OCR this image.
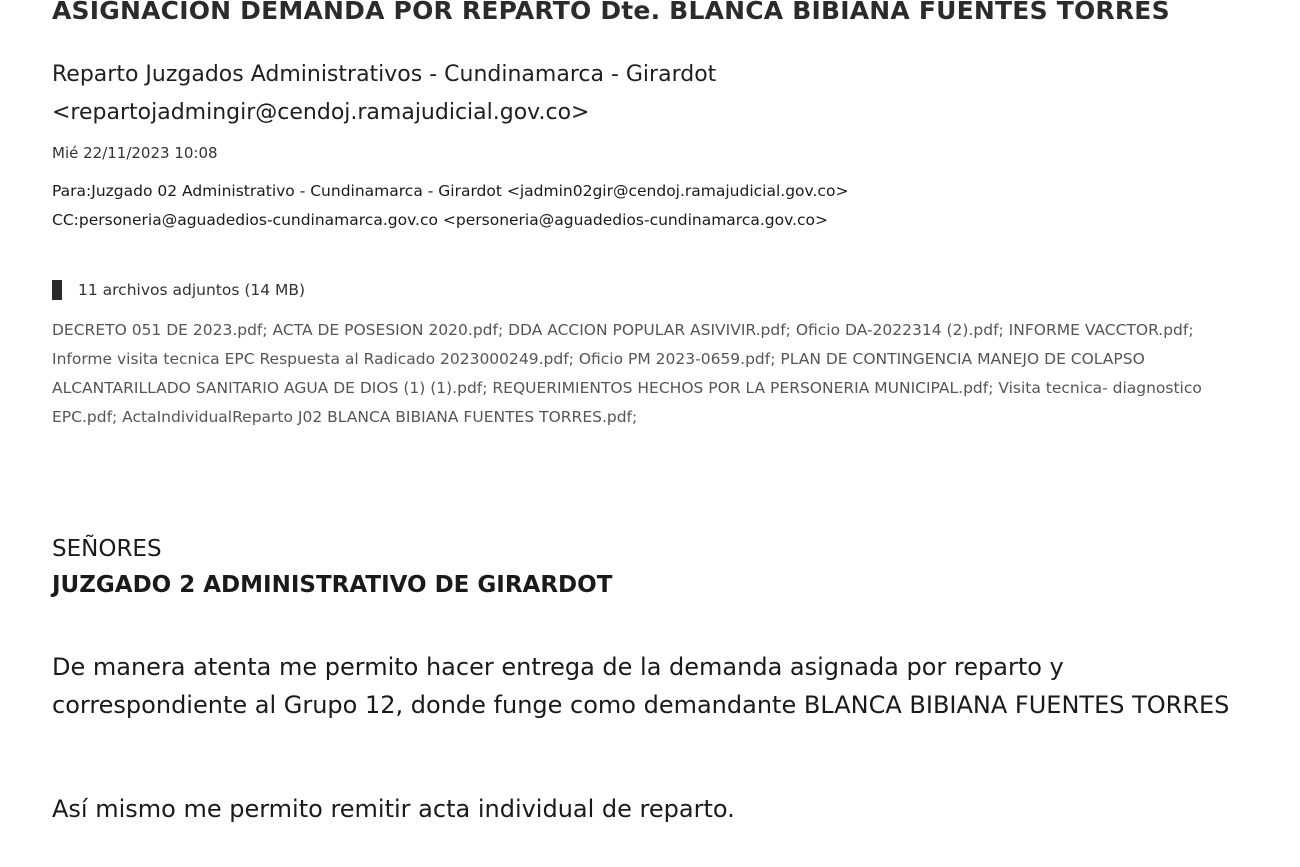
ASIGNACION DEMANDA POR REPARTO Dte. BLANCA BIBIANA FUENTES TORRES
Reparto Juzgados Administrativos - Cundinamarca - Girardot
<repartojadmingir@cendoj.ramajudicial.gov.co>
Mié 22/11/2023 10:08
Para:Juzgado 02 Administrativo - Cundinamarca - Girardot <jadmin02gir@cendoj.ramajudicial.gov.co>
CC:personeria@aguadedios-cundinamarca.gov.co <personeria@aguadedios-cundinamarca.gov.co>
11 archivos adjuntos (14 MB)
DECRETO 051 DE 2023.pdf; ACTA DE POSESION 2020.pdf; DDA ACCION POPULAR ASIVIVIR.pdf; Oficio DA-2022314 (2).pdf; INFORME VACCTOR.pdf; Informe visita tecnica EPC Respuesta al Radicado 2023000249.pdf; Oficio PM 2023-0659.pdf; PLAN DE CONTINGENCIA MANEJO DE COLAPSO ALCANTARILLADO SANITARIO AGUA DE DIOS (1) (1).pdf; REQUERIMIENTOS HECHOS POR LA PERSONERIA MUNICIPAL.pdf; Visita tecnica- diagnostico EPC.pdf; ActaIndividualReparto J02 BLANCA BIBIANA FUENTES TORRES.pdf;
SEÑORES
JUZGADO 2 ADMINISTRATIVO DE GIRARDOT
De manera atenta me permito hacer entrega de la demanda asignada por reparto y correspondiente al Grupo 12, donde funge como demandante BLANCA BIBIANA FUENTES TORRES
Así mismo me permito remitir acta individual de reparto.
